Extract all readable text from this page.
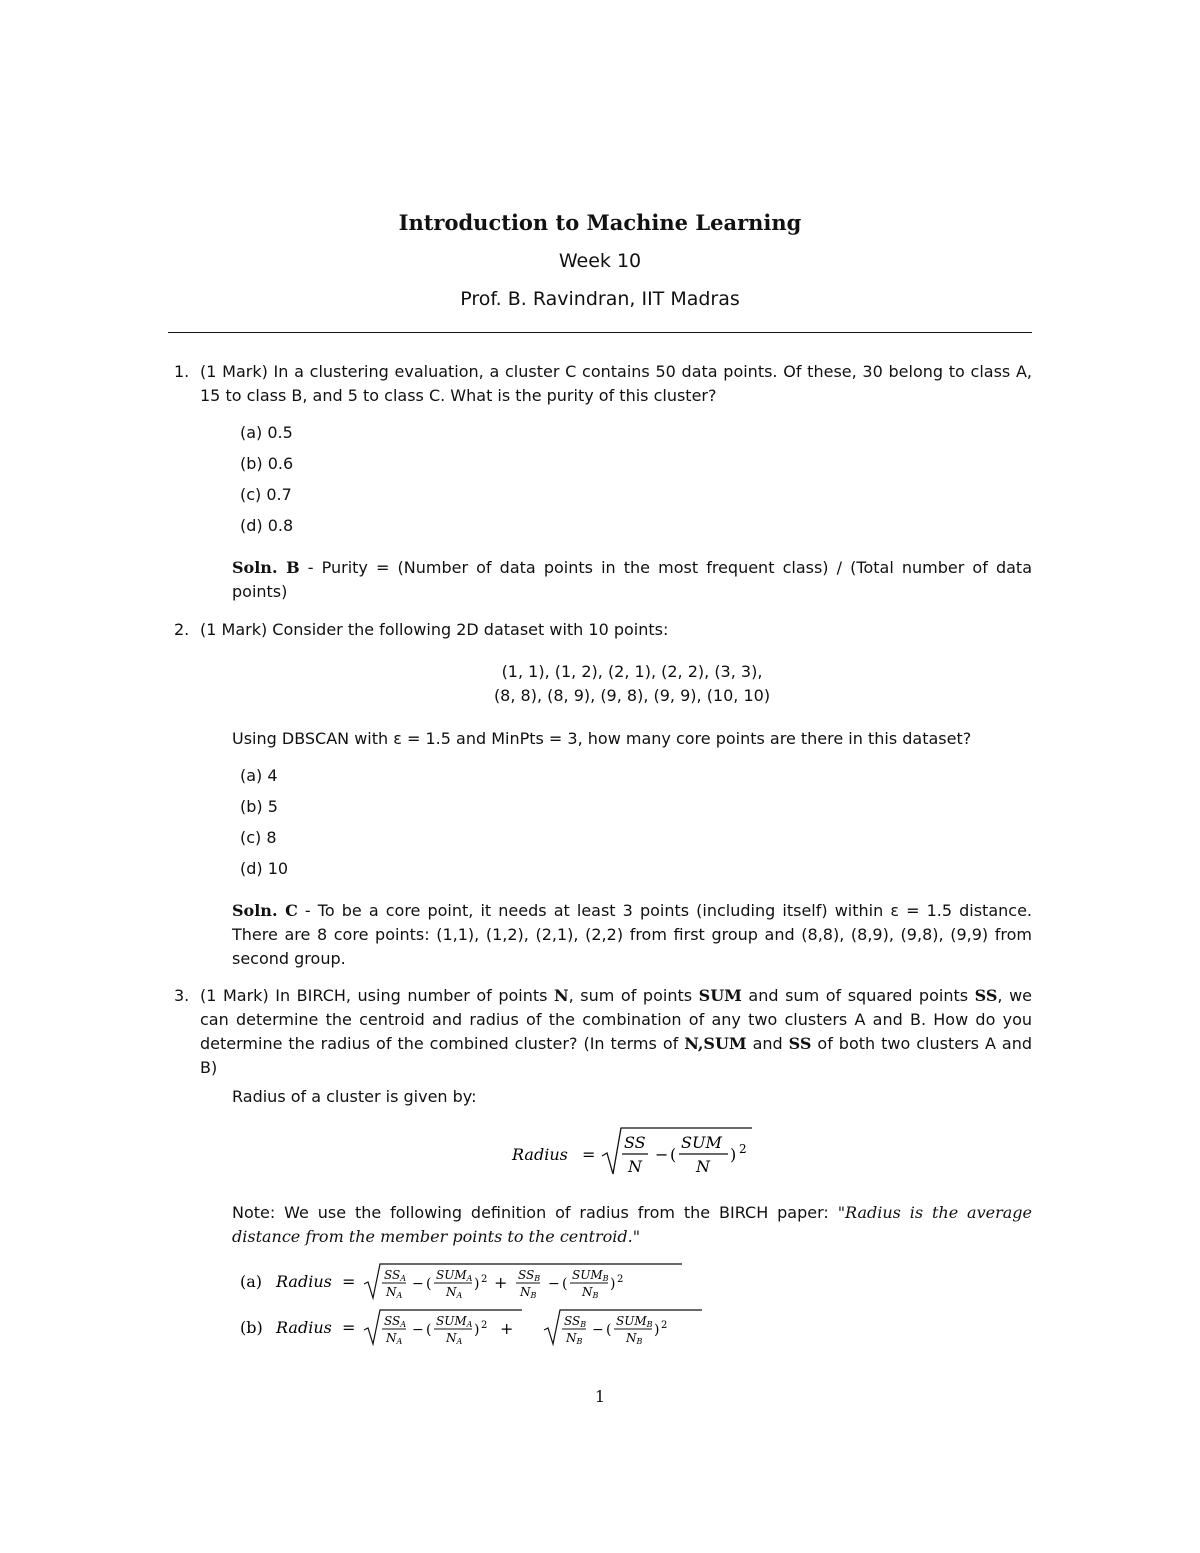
Introduction to Machine Learning
Week 10
Prof. B. Ravindran, IIT Madras
1. (1 Mark) In a clustering evaluation, a cluster C contains 50 data points. Of these, 30 belong to class A, 15 to class B, and 5 to class C. What is the purity of this cluster?

(a) 0.5
(b) 0.6
(c) 0.7
(d) 0.8

Soln. B - Purity = (Number of data points in the most frequent class) / (Total number of data points)

2. (1 Mark) Consider the following 2D dataset with 10 points:

(1, 1), (1, 2), (2, 1), (2, 2), (3, 3),
(8, 8), (8, 9), (9, 8), (9, 9), (10, 10)

Using DBSCAN with ε = 1.5 and MinPts = 3, how many core points are there in this dataset?

(a) 4
(b) 5
(c) 8
(d) 10

Soln. C - To be a core point, it needs at least 3 points (including itself) within ε = 1.5 distance. There are 8 core points: (1,1), (1,2), (2,1), (2,2) from first group and (8,8), (8,9), (9,8), (9,9) from second group.

3. (1 Mark) In BIRCH, using number of points N, sum of points SUM and sum of squared points SS, we can determine the centroid and radius of the combination of any two clusters A and B. How do you determine the radius of the combined cluster? (In terms of N,SUM and SS of both two clusters A and B)

Radius of a cluster is given by:

Radius =
SS
N
− (
SUM
N
) 2

Note: We use the following definition of radius from the BIRCH paper: "Radius is the average distance from the member points to the centroid."

(a) Radius = SSA
NA
− (
SUMA
NA
) 2 + SSB
NB
− (
SUMB
NB
) 2
(b) Radius = SSA
NA
− (
SUMA
NA
) 2 +	SSB
NB
− (
SUMB
NB
) 2
1
